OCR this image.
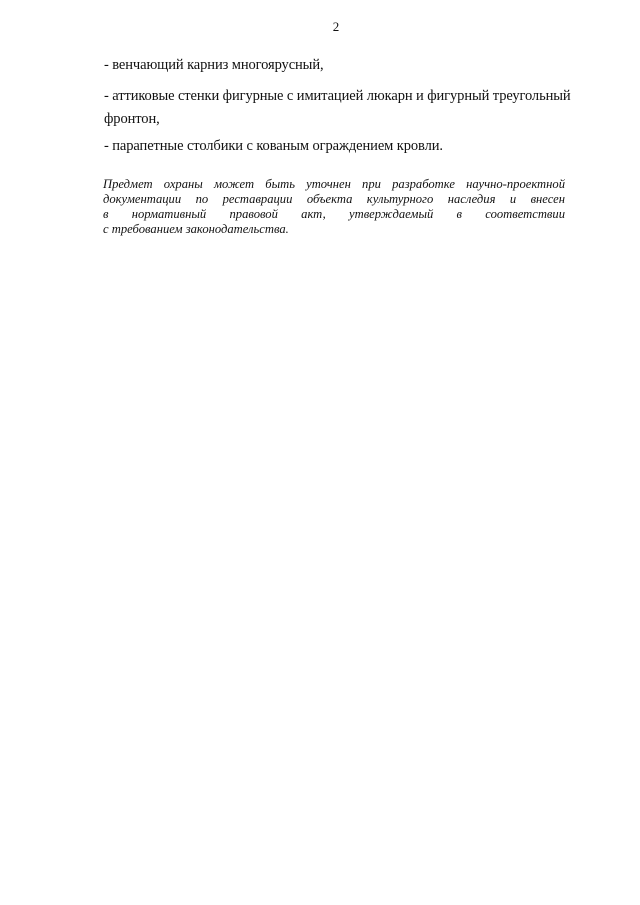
2
- венчающий карниз многоярусный,
- аттиковые стенки фигурные с имитацией люкарн и фигурный треугольный
фронтон,
- парапетные столбики с кованым ограждением кровли.
Предмет охраны может быть уточнен при разработке научно-проектной
документации по реставрации объекта культурного наследия и внесен
в нормативный правовой акт, утверждаемый в соответствии
с требованием законодательства.
